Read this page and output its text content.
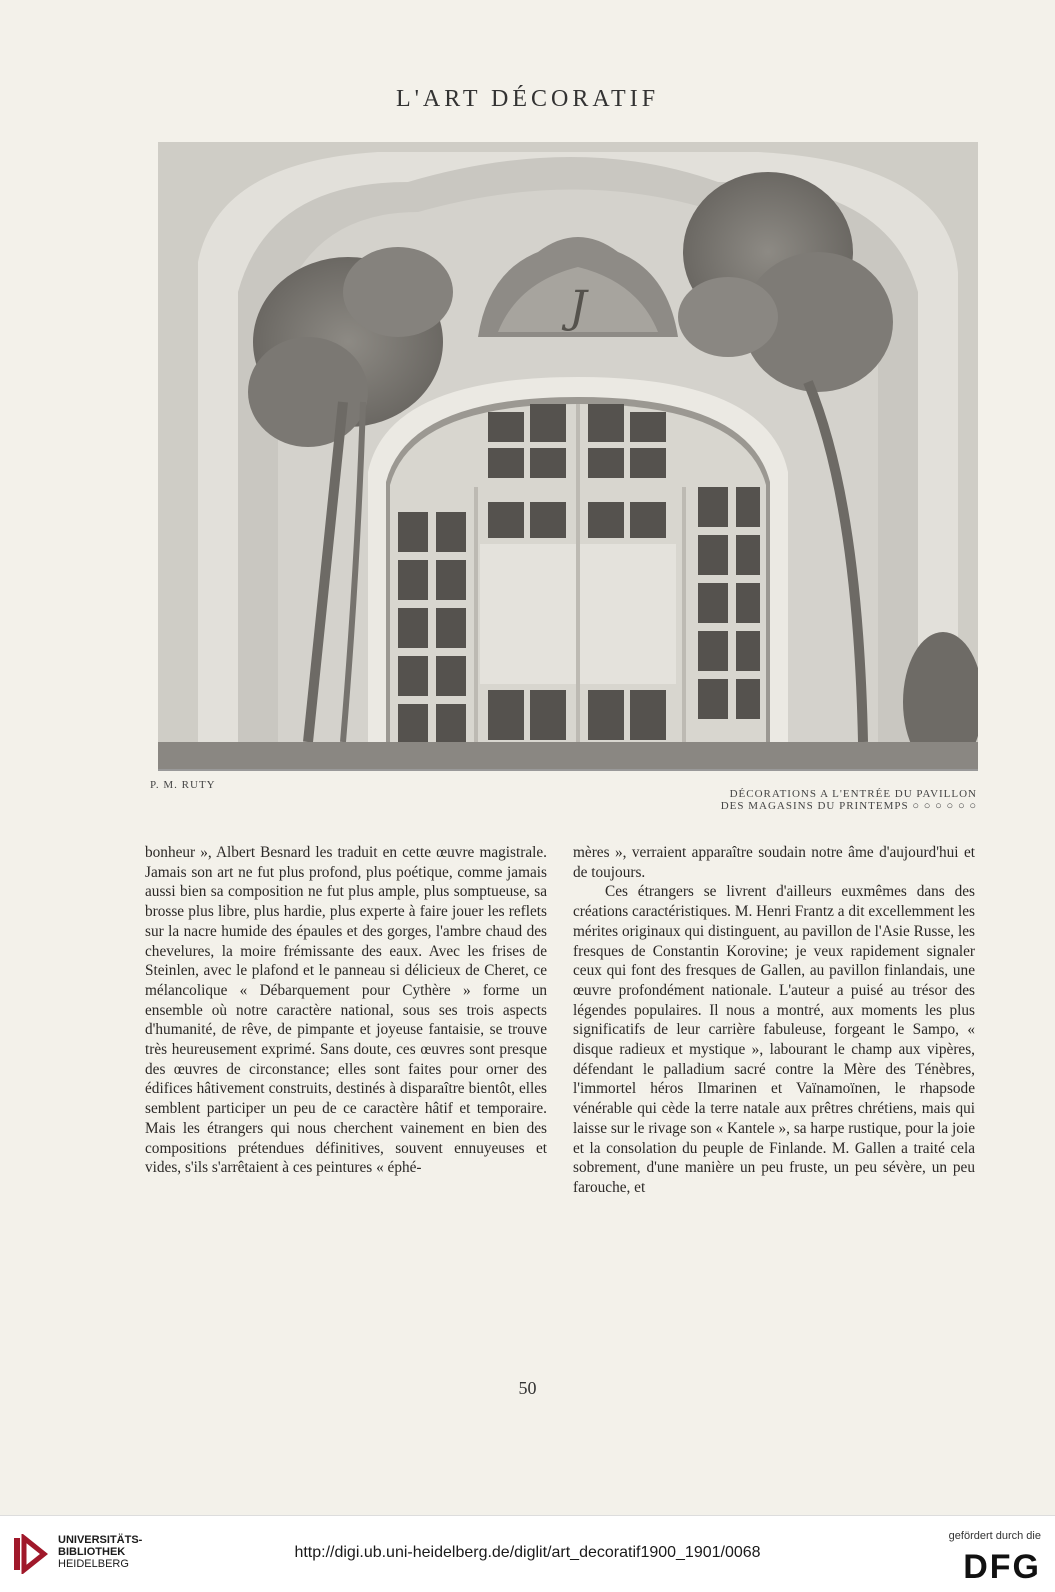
L'ART DÉCORATIF
J
P. M. RUTY
DÉCORATIONS A L'ENTRÉE DU PAVILLON
DES MAGASINS DU PRINTEMPS ○ ○ ○ ○ ○ ○

bonheur », Albert Besnard les traduit en cette œuvre magistrale. Jamais son art ne fut plus profond, plus poétique, comme jamais aussi bien sa composition ne fut plus ample, plus somptueuse, sa brosse plus libre, plus hardie, plus experte à faire jouer les reflets sur la nacre humide des épaules et des gorges, l'ambre chaud des chevelures, la moire frémissante des eaux. Avec les frises de Steinlen, avec le plafond et le panneau si délicieux de Cheret, ce mélancolique « Débarquement pour Cythère » forme un ensemble où notre caractère national, sous ses trois aspects d'humanité, de rêve, de pimpante et joyeuse fantaisie, se trouve très heureusement exprimé. Sans doute, ces œuvres sont presque des œuvres de circonstance; elles sont faites pour orner des édifices hâtivement construits, destinés à disparaître bientôt, elles semblent participer un peu de ce caractère hâtif et temporaire. Mais les étrangers qui nous cherchent vainement en bien des compositions prétendues définitives, souvent ennuyeuses et vides, s'ils s'arrêtaient à ces peintures « éphé-

mères », verraient apparaître soudain notre âme d'aujourd'hui et de toujours.

Ces étrangers se livrent d'ailleurs euxmêmes dans des créations caractéristiques. M. Henri Frantz a dit excellemment les mérites originaux qui distinguent, au pavillon de l'Asie Russe, les fresques de Constantin Korovine; je veux rapidement signaler ceux qui font des fresques de Gallen, au pavillon finlandais, une œuvre profondément nationale. L'auteur a puisé au trésor des légendes populaires. Il nous a montré, aux moments les plus significatifs de leur carrière fabuleuse, forgeant le Sampo, « disque radieux et mystique », labourant le champ aux vipères, défendant le palladium sacré contre la Mère des Ténèbres, l'immortel héros Ilmarinen et Vaïnamoïnen, le rhapsode vénérable qui cède la terre natale aux prêtres chrétiens, mais qui laisse sur le rivage son « Kantele », sa harpe rustique, pour la joie et la consolation du peuple de Finlande. M. Gallen a traité cela sobrement, d'une manière un peu fruste, un peu sévère, un peu farouche, et

50
UNIVERSITÄTS-
BIBLIOTHEK
HEIDELBERG
http://digi.ub.uni-heidelberg.de/diglit/art_decoratif1900_1901/0068
gefördert durch die
DFG
